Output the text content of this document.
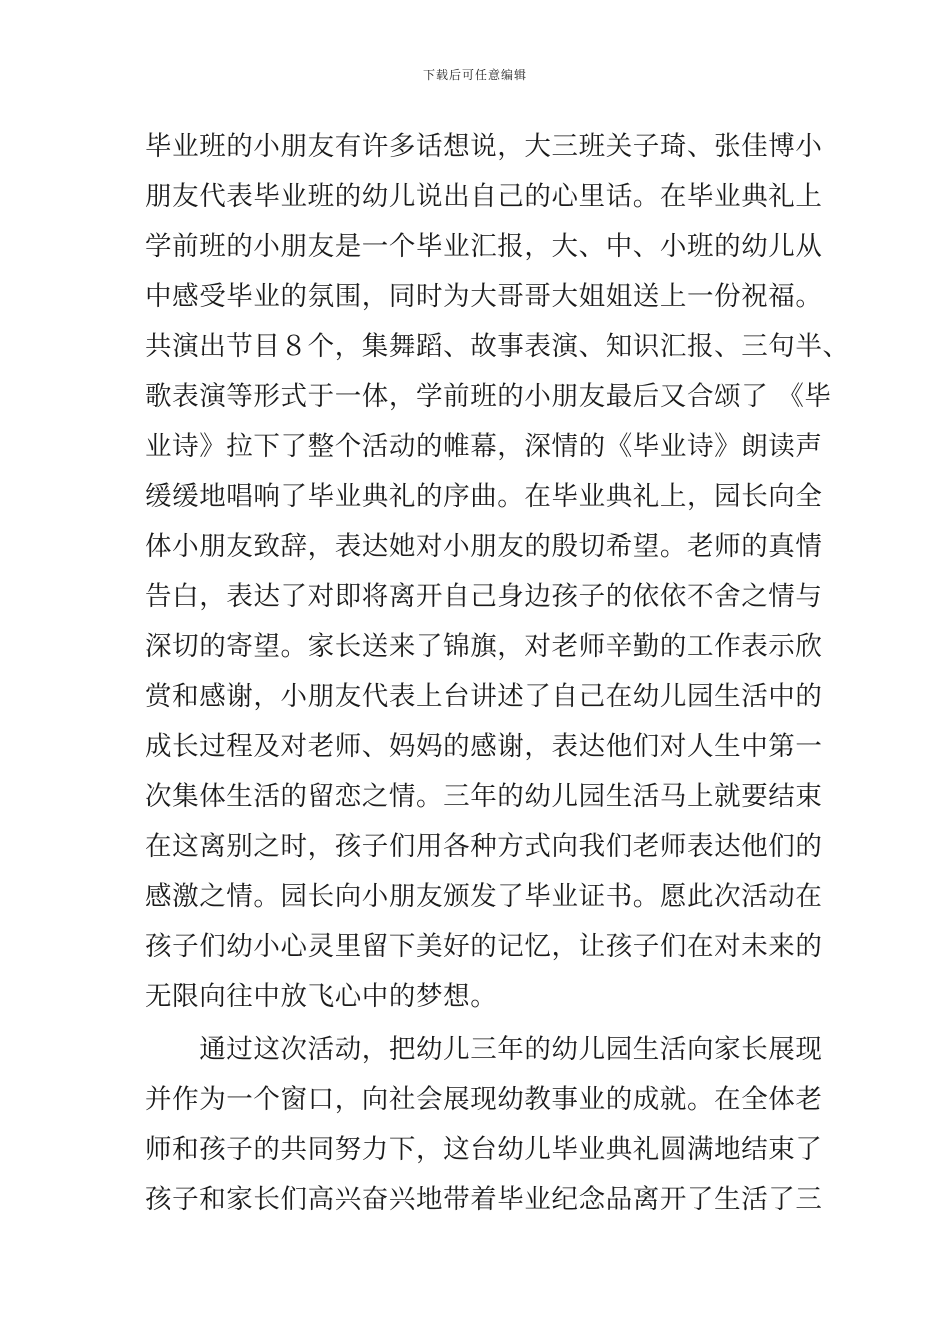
下载后可任意编辑
毕业班的小朋友有许多话想说，大三班关子琦、张佳博小
朋友代表毕业班的幼儿说出自己的心里话。在毕业典礼上
学前班的小朋友是一个毕业汇报，大、中、小班的幼儿从
中感受毕业的氛围，同时为大哥哥大姐姐送上一份祝福。
共演出节目８个，集舞蹈、故事表演、知识汇报、三句半、
歌表演等形式于一体，学前班的小朋友最后又合颂了 《毕
业诗》拉下了整个活动的帷幕，深情的《毕业诗》朗读声
缓缓地唱响了毕业典礼的序曲。在毕业典礼上，园长向全
体小朋友致辞，表达她对小朋友的殷切希望。老师的真情
告白，表达了对即将离开自己身边孩子的依依不舍之情与
深切的寄望。家长送来了锦旗，对老师辛勤的工作表示欣
赏和感谢，小朋友代表上台讲述了自己在幼儿园生活中的
成长过程及对老师、妈妈的感谢，表达他们对人生中第一
次集体生活的留恋之情。三年的幼儿园生活马上就要结束
在这离别之时，孩子们用各种方式向我们老师表达他们的
感激之情。园长向小朋友颁发了毕业证书。愿此次活动在
孩子们幼小心灵里留下美好的记忆，让孩子们在对未来的
无限向往中放飞心中的梦想。
　　通过这次活动，把幼儿三年的幼儿园生活向家长展现
并作为一个窗口，向社会展现幼教事业的成就。在全体老
师和孩子的共同努力下，这台幼儿毕业典礼圆满地结束了
孩子和家长们高兴奋兴地带着毕业纪念品离开了生活了三
